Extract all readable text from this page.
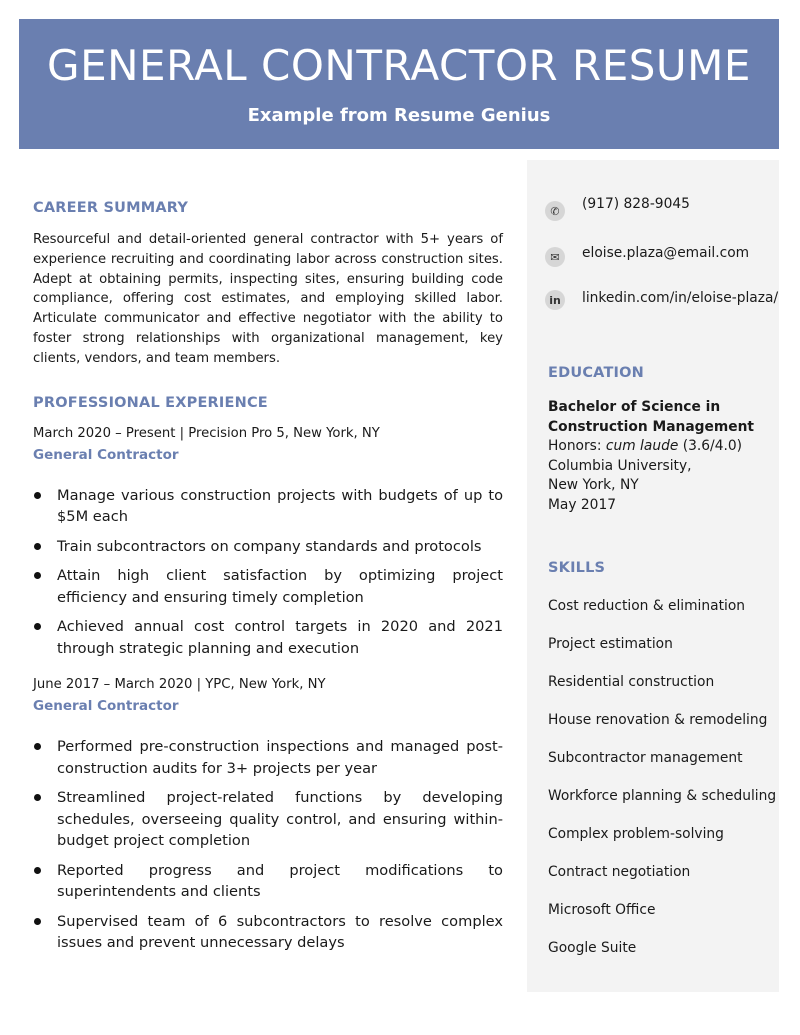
GENERAL CONTRACTOR RESUME
Example from Resume Genius
CAREER SUMMARY

Resourceful and detail-oriented general contractor with 5+ years of experience recruiting and coordinating labor across construction sites. Adept at obtaining permits, inspecting sites, ensuring building code compliance, offering cost estimates, and employing skilled labor. Articulate communicator and effective negotiator with the ability to foster strong relationships with organizational management, key clients, vendors, and team members.

PROFESSIONAL EXPERIENCE

March 2020 – Present | Precision Pro 5, New York, NY

General Contractor

Manage various construction projects with budgets of up to $5M each
Train subcontractors on company standards and protocols
Attain high client satisfaction by optimizing project efficiency and ensuring timely completion
Achieved annual cost control targets in 2020 and 2021 through strategic planning and execution

June 2017 – March 2020 | YPC, New York, NY

General Contractor

Performed pre-construction inspections and managed post-construction audits for 3+ projects per year
Streamlined project-related functions by developing schedules, overseeing quality control, and ensuring within-budget project completion
Reported progress and project modifications to superintendents and clients
Supervised team of 6 subcontractors to resolve complex issues and prevent unnecessary delays
✆	(917) 828-9045
✉	eloise.plaza@email.com
in	linkedin.com/in/eloise-plaza/
EDUCATION
Bachelor of Science in
Construction Management
Honors: cum laude (3.6/4.0)
Columbia University,
New York, NY
May 2017
SKILLS
Cost reduction & elimination
Project estimation
Residential construction
House renovation & remodeling
Subcontractor management
Workforce planning & scheduling
Complex problem-solving
Contract negotiation
Microsoft Office
Google Suite
